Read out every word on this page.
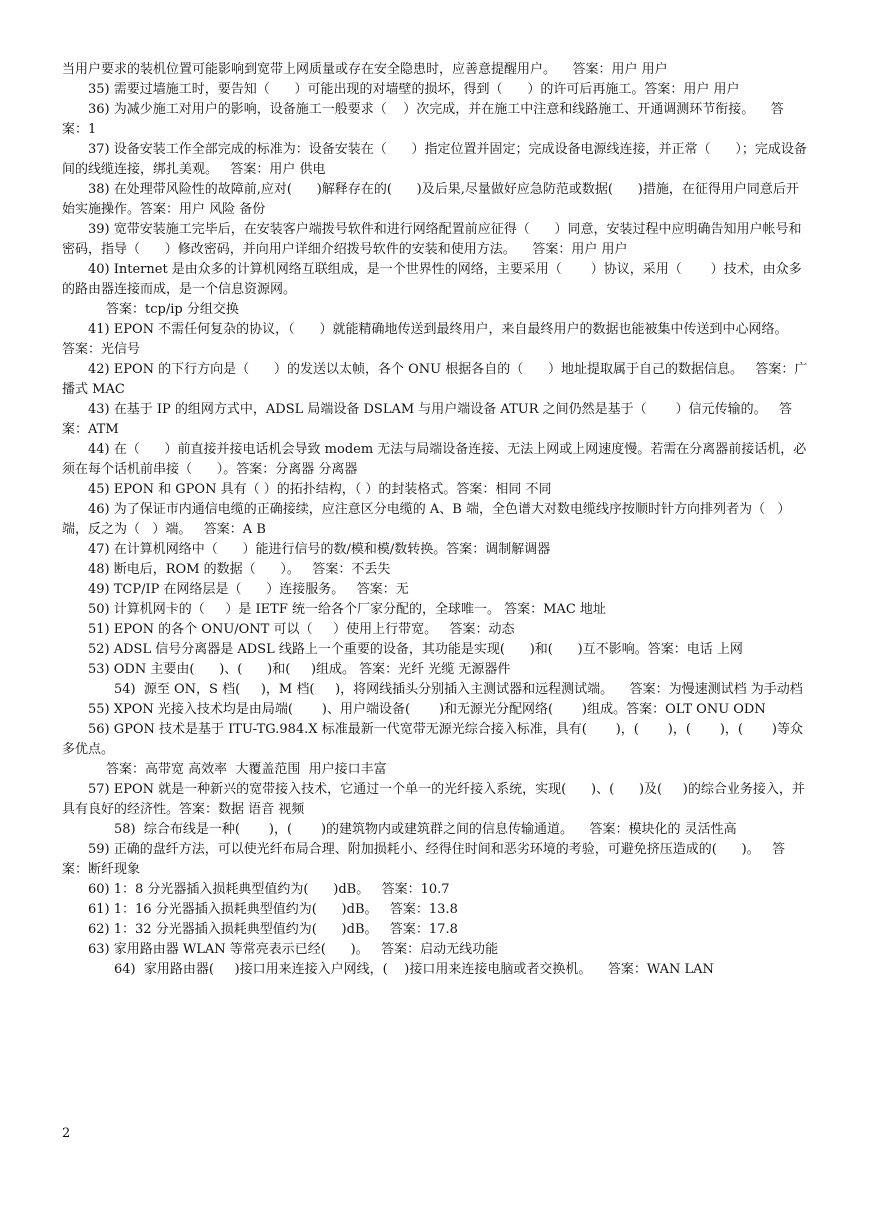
当用户要求的装机位置可能影响到宽带上网质量或存在安全隐患时，应善意提醒用户。    答案：用户 用户

35) 需要过墙施工时，要告知（      ）可能出现的对墙壁的损坏，得到（      ）的许可后再施工。答案：用户 用户

36) 为减少施工对用户的影响，设备施工一般要求（    ）次完成，并在施工中注意和线路施工、开通调测环节衔接。    答案：1

37) 设备安装工作全部完成的标准为：设备安装在（      ）指定位置并固定；完成设备电源线连接，并正常（      ）；完成设备间的线缆连接，绑扎美观。   答案：用户 供电

38) 在处理带风险性的故障前,应对(      )解释存在的(      )及后果,尽量做好应急防范或数据(      )措施，在征得用户同意后开始实施操作。答案：用户 风险 备份

39) 宽带安装施工完毕后，在安装客户端拨号软件和进行网络配置前应征得（      ）同意，安装过程中应明确告知用户帐号和密码，指导（      ）修改密码，并向用户详细介绍拨号软件的安装和使用方法。    答案：用户 用户

40) Internet 是由众多的计算机网络互联组成，是一个世界性的网络，主要采用（       ）协议，采用（       ）技术，由众多的路由器连接而成，是一个信息资源网。

答案：tcp/ip 分组交换

41) EPON 不需任何复杂的协议，（      ）就能精确地传送到最终用户，来自最终用户的数据也能被集中传送到中心网络。   答案：光信号

42) EPON 的下行方向是（      ）的发送以太帧，各个 ONU 根据各自的（      ）地址提取属于自己的数据信息。   答案：广播式 MAC

43) 在基于 IP 的组网方式中，ADSL 局端设备 DSLAM 与用户端设备 ATUR 之间仍然是基于（       ）信元传输的。   答案：ATM

44) 在（      ）前直接并接电话机会导致 modem 无法与局端设备连接、无法上网或上网速度慢。若需在分离器前接话机，必须在每个话机前串接（      ）。答案：分离器 分离器

45) EPON 和 GPON 具有（ ）的拓扑结构，（ ）的封装格式。答案：相同 不同

46) 为了保证市内通信电缆的正确接续，应注意区分电缆的 A、B 端，全色谱大对数电缆线序按顺时针方向排列者为（   ）端，反之为（   ）端。   答案：A B

47) 在计算机网络中（      ）能进行信号的数/模和模/数转换。答案：调制解调器

48) 断电后，ROM 的数据（      ）。   答案：不丢失

49) TCP/IP 在网络层是（      ）连接服务。   答案：无

50) 计算机网卡的（     ）是 IETF 统一给各个厂家分配的，全球唯一。 答案：MAC 地址

51) EPON 的各个 ONU/ONT 可以（     ）使用上行带宽。   答案：动态

52) ADSL 信号分离器是 ADSL 线路上一个重要的设备，其功能是实现(      )和(      )互不影响。答案：电话 上网

53) ODN 主要由(      )、(      )和(     )组成。 答案：光纤 光缆 无源器件

54)  源至 ON，S 档(     )，M 档(     )，将网线插头分别插入主测试器和远程测试端。    答案：为慢速测试档 为手动档

55) XPON 光接入技术均是由局端(       )、用户端设备(       )和无源光分配网络(       )组成。答案：OLT ONU ODN

56) GPON 技术是基于 ITU-TG.984.X 标准最新一代宽带无源光综合接入标准，具有(       )，(       )，(       )，(       )等众多优点。

答案：高带宽 高效率  大覆盖范围  用户接口丰富

57) EPON 就是一种新兴的宽带接入技术，它通过一个单一的光纤接入系统，实现(      )、(      )及(     )的综合业务接入，并具有良好的经济性。答案：数据 语音 视频

58)  综合布线是一种(       )，(       )的建筑物内或建筑群之间的信息传输通道。    答案：模块化的 灵活性高

59) 正确的盘纤方法，可以使光纤布局合理、附加损耗小、经得住时间和恶劣环境的考验，可避免挤压造成的(      )。   答案：断纤现象

60) 1：8 分光器插入损耗典型值约为(      )dB。   答案：10.7

61) 1：16 分光器插入损耗典型值约为(      )dB。   答案：13.8

62) 1：32 分光器插入损耗典型值约为(      )dB。   答案：17.8

63) 家用路由器 WLAN 等常亮表示已经(      )。   答案：启动无线功能

64)  家用路由器(     )接口用来连接入户网线，(    )接口用来连接电脑或者交换机。    答案：WAN LAN

2
